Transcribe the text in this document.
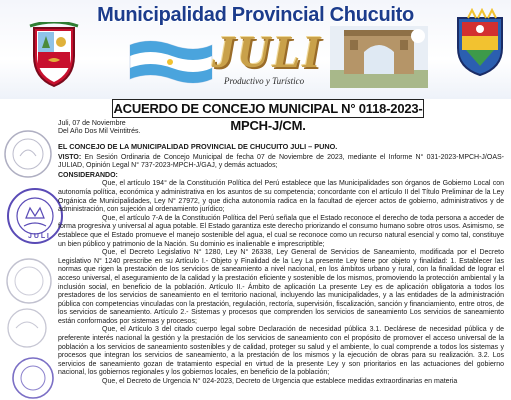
Municipalidad Provincial Chucuito
JULI
Productivo y Turístico
ACUERDO DE CONCEJO MUNICIPAL N° 0118-2023-MPCH-J/CM.
J U L I

Juli, 07 de Noviembre

Del Año Dos Mil Veintitrés.

EL CONCEJO DE LA MUNICIPALIDAD PROVINCIAL DE CHUCUITO JULI – PUNO.

VISTO: En Sesión Ordinaria de Concejo Municipal de fecha 07 de Noviembre de 2023, mediante el Informe N° 031-2023-MPCH-J/OAS-JULIAD, Opinión Legal N° 737-2023-MPCH-J/GAJ, y demás actuados;

CONSIDERANDO:

Que, el artículo 194° de la Constitución Política del Perú establece que las Municipalidades son órganos de Gobierno Local con autonomía política, económica y administrativa en los asuntos de su competencia; concordante con el artículo II del Título Preliminar de la Ley Orgánica de Municipalidades, Ley N° 27972, y que dicha autonomía radica en la facultad de ejercer actos de gobierno, administrativos y de administración, con sujeción al ordenamiento jurídico;

Que, el artículo 7-A de la Constitución Política del Perú señala que el Estado reconoce el derecho de toda persona a acceder de forma progresiva y universal al agua potable. El Estado garantiza este derecho priorizando el consumo humano sobre otros usos. Asimismo, se establece que el Estado promueve el manejo sostenible del agua, el cual se reconoce como un recurso natural esencial y como tal, constituye un bien público y patrimonio de la Nación. Su dominio es inalienable e imprescriptible;

Que, el Decreto Legislativo N° 1280, Ley N° 26338, Ley General de Servicios de Saneamiento, modificada por el Decreto Legislativo N° 1240 prescribe en su Artículo I.- Objeto y Finalidad de la Ley La presente Ley tiene por objeto y finalidad: 1. Establecer las normas que rigen la prestación de los servicios de saneamiento a nivel nacional, en los ámbitos urbano y rural, con la finalidad de lograr el acceso universal, el aseguramiento de la calidad y la prestación eficiente y sostenible de los mismos, promoviendo la protección ambiental y la inclusión social, en beneficio de la población. Artículo II.- Ámbito de aplicación La presente Ley es de aplicación obligatoria a todos los prestadores de los servicios de saneamiento en el territorio nacional, incluyendo las municipalidades, y a las entidades de la administración pública con competencias vinculadas con la prestación, regulación, rectoría, supervisión, fiscalización, sanción y financiamiento, entre otros, de los servicios de saneamiento. Artículo 2.- Sistemas y procesos que comprenden los servicios de saneamiento Los servicios de saneamiento están conformados por sistemas y procesos;

Que, el Artículo 3 del citado cuerpo legal sobre Declaración de necesidad pública 3.1. Declárese de necesidad pública y de preferente interés nacional la gestión y la prestación de los servicios de saneamiento con el propósito de promover el acceso universal de la población a los servicios de saneamiento sostenibles y de calidad, proteger su salud y el ambiente, lo cual comprende a todos los sistemas y procesos que integran los servicios de saneamiento, a la prestación de los mismos y la ejecución de obras para su realización. 3.2. Los servicios de saneamiento gozan de tratamiento especial en virtud de la presente Ley y son prioritarios en las actuaciones del gobierno nacional, los gobiernos regionales y los gobiernos locales, en beneficio de la población;

Que, el Decreto de Urgencia N° 024-2023, Decreto de Urgencia que establece medidas extraordinarias en materia
